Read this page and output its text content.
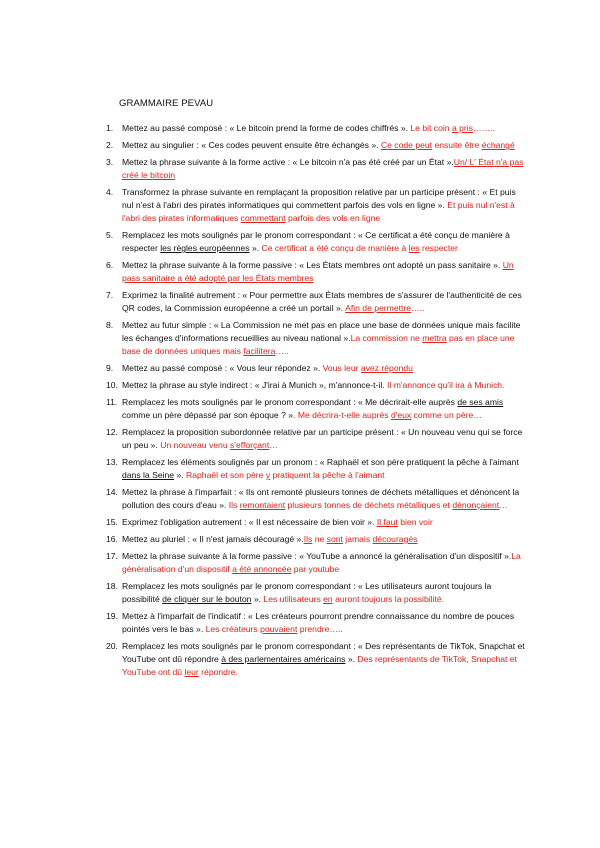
GRAMMAIRE PEVAU
1. Mettez au passé composé : « Le bitcoin prend la forme de codes chiffrés ». Le bit coin a pris……..
2. Mettez au singulier : « Ces codes peuvent ensuite être échangés ». Ce code peut ensuite être échangé
3. Mettez la phrase suivante à la forme active : « Le bitcoin n'a pas été créé par un État ».Un/ L' État n'a pas créé le bitcoin
4. Transformez la phrase suivante en remplaçant la proposition relative par un participe présent : « Et puis nul n'est à l'abri des pirates informatiques qui commettent parfois des vols en ligne ». Et puis nul n'est à l'abri des pirates informatiques commettant parfois des vols en ligne
5. Remplacez les mots soulignés par le pronom correspondant : « Ce certificat a été conçu de manière à respecter les règles européennes ». Ce certificat a été conçu de manière à les respecter
6. Mettez la phrase suivante à la forme passive : « Les États membres ont adopté un pass sanitaire ». Un pass sanitaire a été adopté par les États membres
7. Exprimez la finalité autrement : « Pour permettre aux États membres de s'assurer de l'authenticité de ces QR codes, la Commission européenne a créé un portail ». Afin de permettre…..
8. Mettez au futur simple : « La Commission ne met pas en place une base de données unique mais facilite les échanges d'informations recueillies au niveau national ».La commission ne mettra pas en place une base de données uniques mais facilitera…..
9. Mettez au passé composé : « Vous leur répondez ». Vous leur avez répondu
10. Mettez la phrase au style indirect : « J'irai à Munich », m'annonce-t-il. Il m'annonce qu'il ira à Munich.
11. Remplacez les mots soulignés par le pronom correspondant : « Me décrirait-elle auprès de ses amis comme un père dépassé par son époque ? ». Me décrira-t-elle auprès d'eux comme un père…
12. Remplacez la proposition subordonnée relative par un participe présent : « Un nouveau venu qui se force un peu ». Un nouveau venu s'efforçant…
13. Remplacez les éléments soulignés par un pronom : « Raphaël et son père pratiquent la pêche à l'aimant dans la Seine ». Raphaël et son père y pratiquent la pêche à l'aimant
14. Mettez la phrase à l'imparfait : « Ils ont remonté plusieurs tonnes de déchets métalliques et dénoncent la pollution des cours d'eau ». Ils remontaient plusieurs tonnes de déchets métalliques et dénonçaient…
15. Exprimez l'obligation autrement : « Il est nécessaire de bien voir ». Il faut bien voir
16. Mettez au pluriel : « Il n'est jamais découragé ».Ils ne sont jamais découragés
17. Mettez la phrase suivante à la forme passive : « YouTube a annoncé la généralisation d'un dispositif ».La généralisation d'un dispositif a été annoncée par youtube
18. Remplacez les mots soulignés par le pronom correspondant : « Les utilisateurs auront toujours la possibilité de cliquer sur le bouton ». Les utilisateurs en auront toujours la possibilité.
19. Mettez à l'imparfait de l'indicatif : « Les créateurs pourront prendre connaissance du nombre de pouces pointés vers le bas ». Les créateurs pouvaient prendre…..
20. Remplacez les mots soulignés par le pronom correspondant : « Des représentants de TikTok, Snapchat et YouTube ont dû répondre à des parlementaires américains ». Des représentants de TikTok, Snapchat et YouTube ont dû leur répondre.
